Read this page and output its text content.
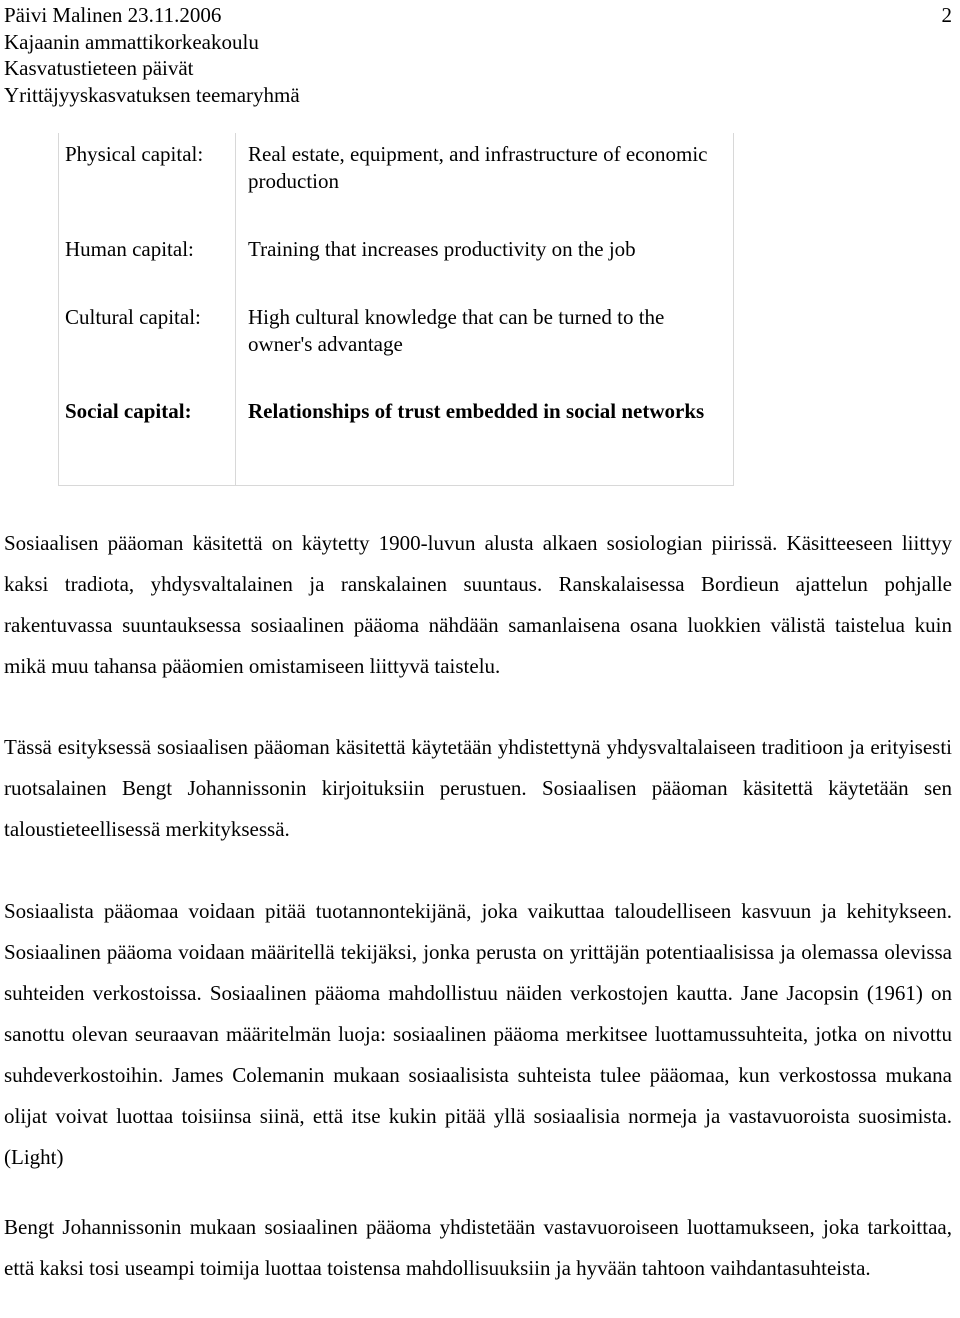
Päivi Malinen 23.11.2006
Kajaanin ammattikorkeakoulu
Kasvatustieteen päivät
Yrittäjyyskasvatuksen teemaryhmä
2
Physical capital: Real estate, equipment, and infrastructure of economic production
Human capital:	Training that increases productivity on the job
Cultural capital: High cultural knowledge that can be turned to the owner's advantage
Social capital:	Relationships of trust embedded in social networks

Sosiaalisen pääoman käsitettä on käytetty 1900-luvun alusta alkaen sosiologian piirissä. Käsitteeseen liittyy kaksi tradiota, yhdysvaltalainen ja ranskalainen suuntaus. Ranskalaisessa Bordieun ajattelun pohjalle rakentuvassa suuntauksessa sosiaalinen pääoma nähdään samanlaisena osana luokkien välistä taistelua kuin mikä muu tahansa pääomien omistamiseen liittyvä taistelu.

Tässä esityksessä sosiaalisen pääoman käsitettä käytetään yhdistettynä yhdysvaltalaiseen traditioon ja erityisesti ruotsalainen Bengt Johannissonin kirjoituksiin perustuen. Sosiaalisen pääoman käsitettä käytetään sen taloustieteellisessä merkityksessä.

Sosiaalista pääomaa voidaan pitää tuotannontekijänä, joka vaikuttaa taloudelliseen kasvuun ja kehitykseen. Sosiaalinen pääoma voidaan määritellä tekijäksi, jonka perusta on yrittäjän potentiaalisissa ja olemassa olevissa suhteiden verkostoissa. Sosiaalinen pääoma mahdollistuu näiden verkostojen kautta. Jane Jacopsin (1961) on sanottu olevan seuraavan määritelmän luoja: sosiaalinen pääoma merkitsee luottamussuhteita, jotka on nivottu suhdeverkostoihin. James Colemanin mukaan sosiaalisista suhteista tulee pääomaa, kun verkostossa mukana olijat voivat luottaa toisiinsa siinä, että itse kukin pitää yllä sosiaalisia normeja ja vastavuoroista suosimista. (Light)

Bengt Johannissonin mukaan sosiaalinen pääoma yhdistetään vastavuoroiseen luottamukseen, joka tarkoittaa, että kaksi tosi useampi toimija luottaa toistensa mahdollisuuksiin ja hyvään tahtoon vaihdantasuhteista.
